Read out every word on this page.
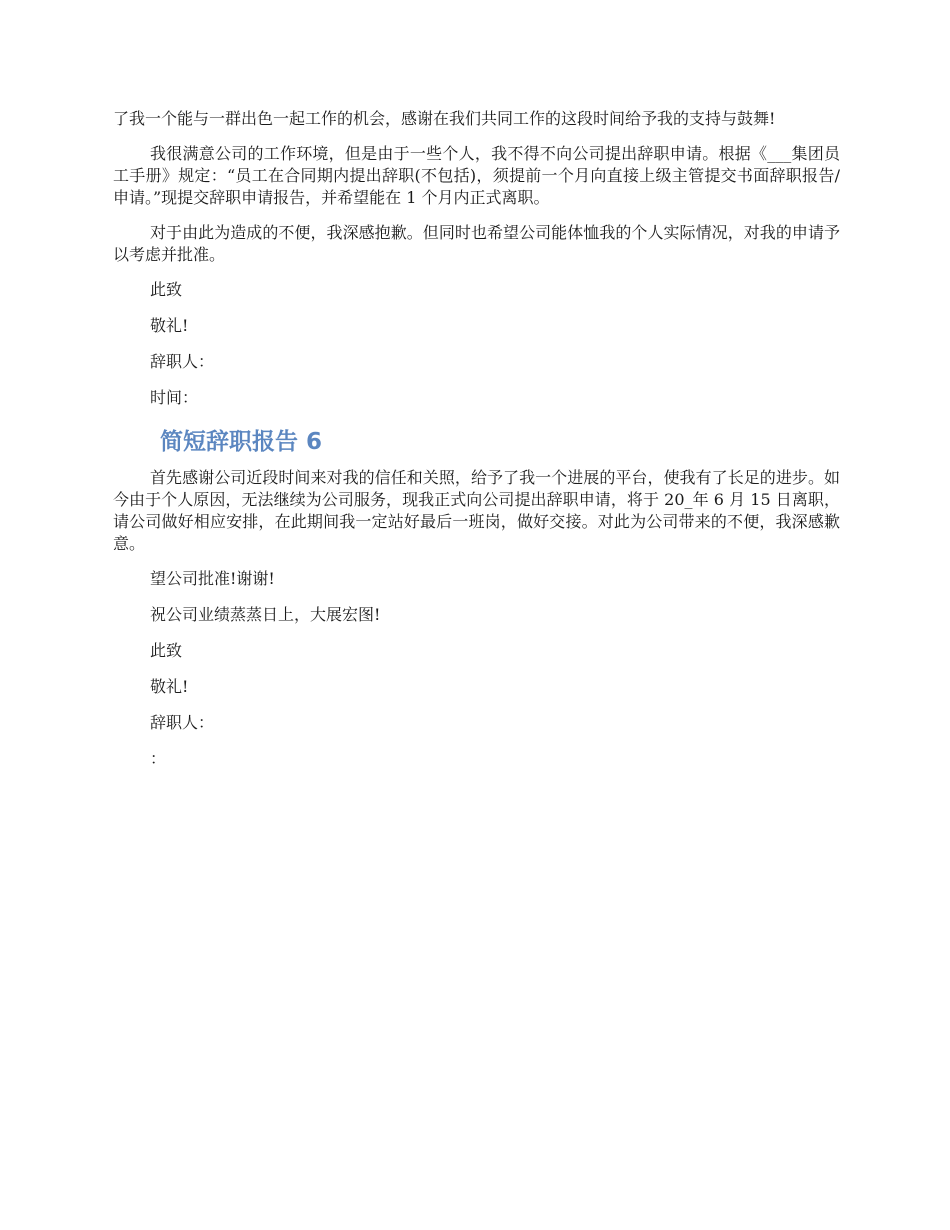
了我一个能与一群出色一起工作的机会，感谢在我们共同工作的这段时间给予我的支持与鼓舞!

我很满意公司的工作环境，但是由于一些个人，我不得不向公司提出辞职申请。根据《___集团员工手册》规定：“员工在合同期内提出辞职(不包括)，须提前一个月向直接上级主管提交书面辞职报告/申请。”现提交辞职申请报告，并希望能在 1 个月内正式离职。

对于由此为造成的不便，我深感抱歉。但同时也希望公司能体恤我的个人实际情况，对我的申请予以考虑并批准。

此致
敬礼!
辞职人：
时间：
简短辞职报告 6

首先感谢公司近段时间来对我的信任和关照，给予了我一个进展的平台，使我有了长足的进步。如今由于个人原因，无法继续为公司服务，现我正式向公司提出辞职申请，将于 20_年 6 月 15 日离职，请公司做好相应安排，在此期间我一定站好最后一班岗，做好交接。对此为公司带来的不便，我深感歉意。

望公司批准!谢谢!
祝公司业绩蒸蒸日上，大展宏图!
此致
敬礼!
辞职人：
：
